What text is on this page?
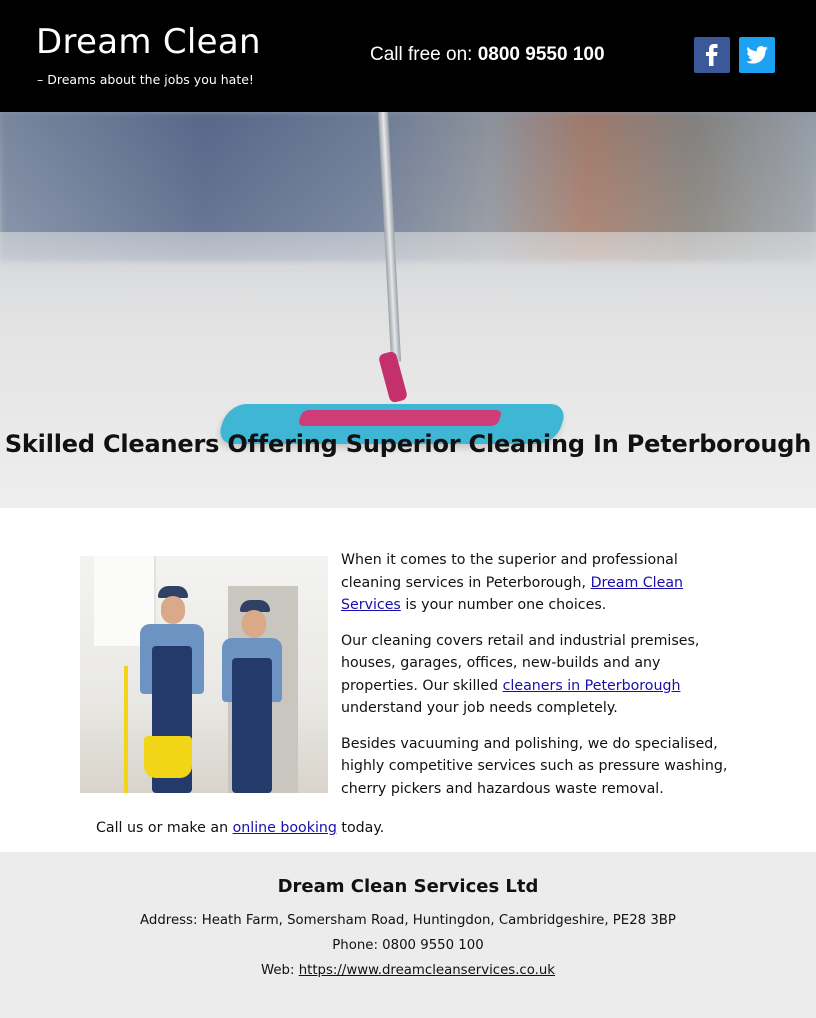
Dream Clean
– Dreams about the jobs you hate!
Call free on: 0800 9550 100
Skilled Cleaners Offering Superior Cleaning In Peterborough

When it comes to the superior and professional cleaning services in Peterborough, Dream Clean Services is your number one choices.

Our cleaning covers retail and industrial premises, houses, garages, offices, new-builds and any properties. Our skilled cleaners in Peterborough understand your job needs completely.

Besides vacuuming and polishing, we do specialised, highly competitive services such as pressure washing, cherry pickers and hazardous waste removal.

Call us or make an online booking today.
Dream Clean Services Ltd
Address: Heath Farm, Somersham Road, Huntingdon, Cambridgeshire, PE28 3BP
Phone: 0800 9550 100
Web: https://www.dreamcleanservices.co.uk
